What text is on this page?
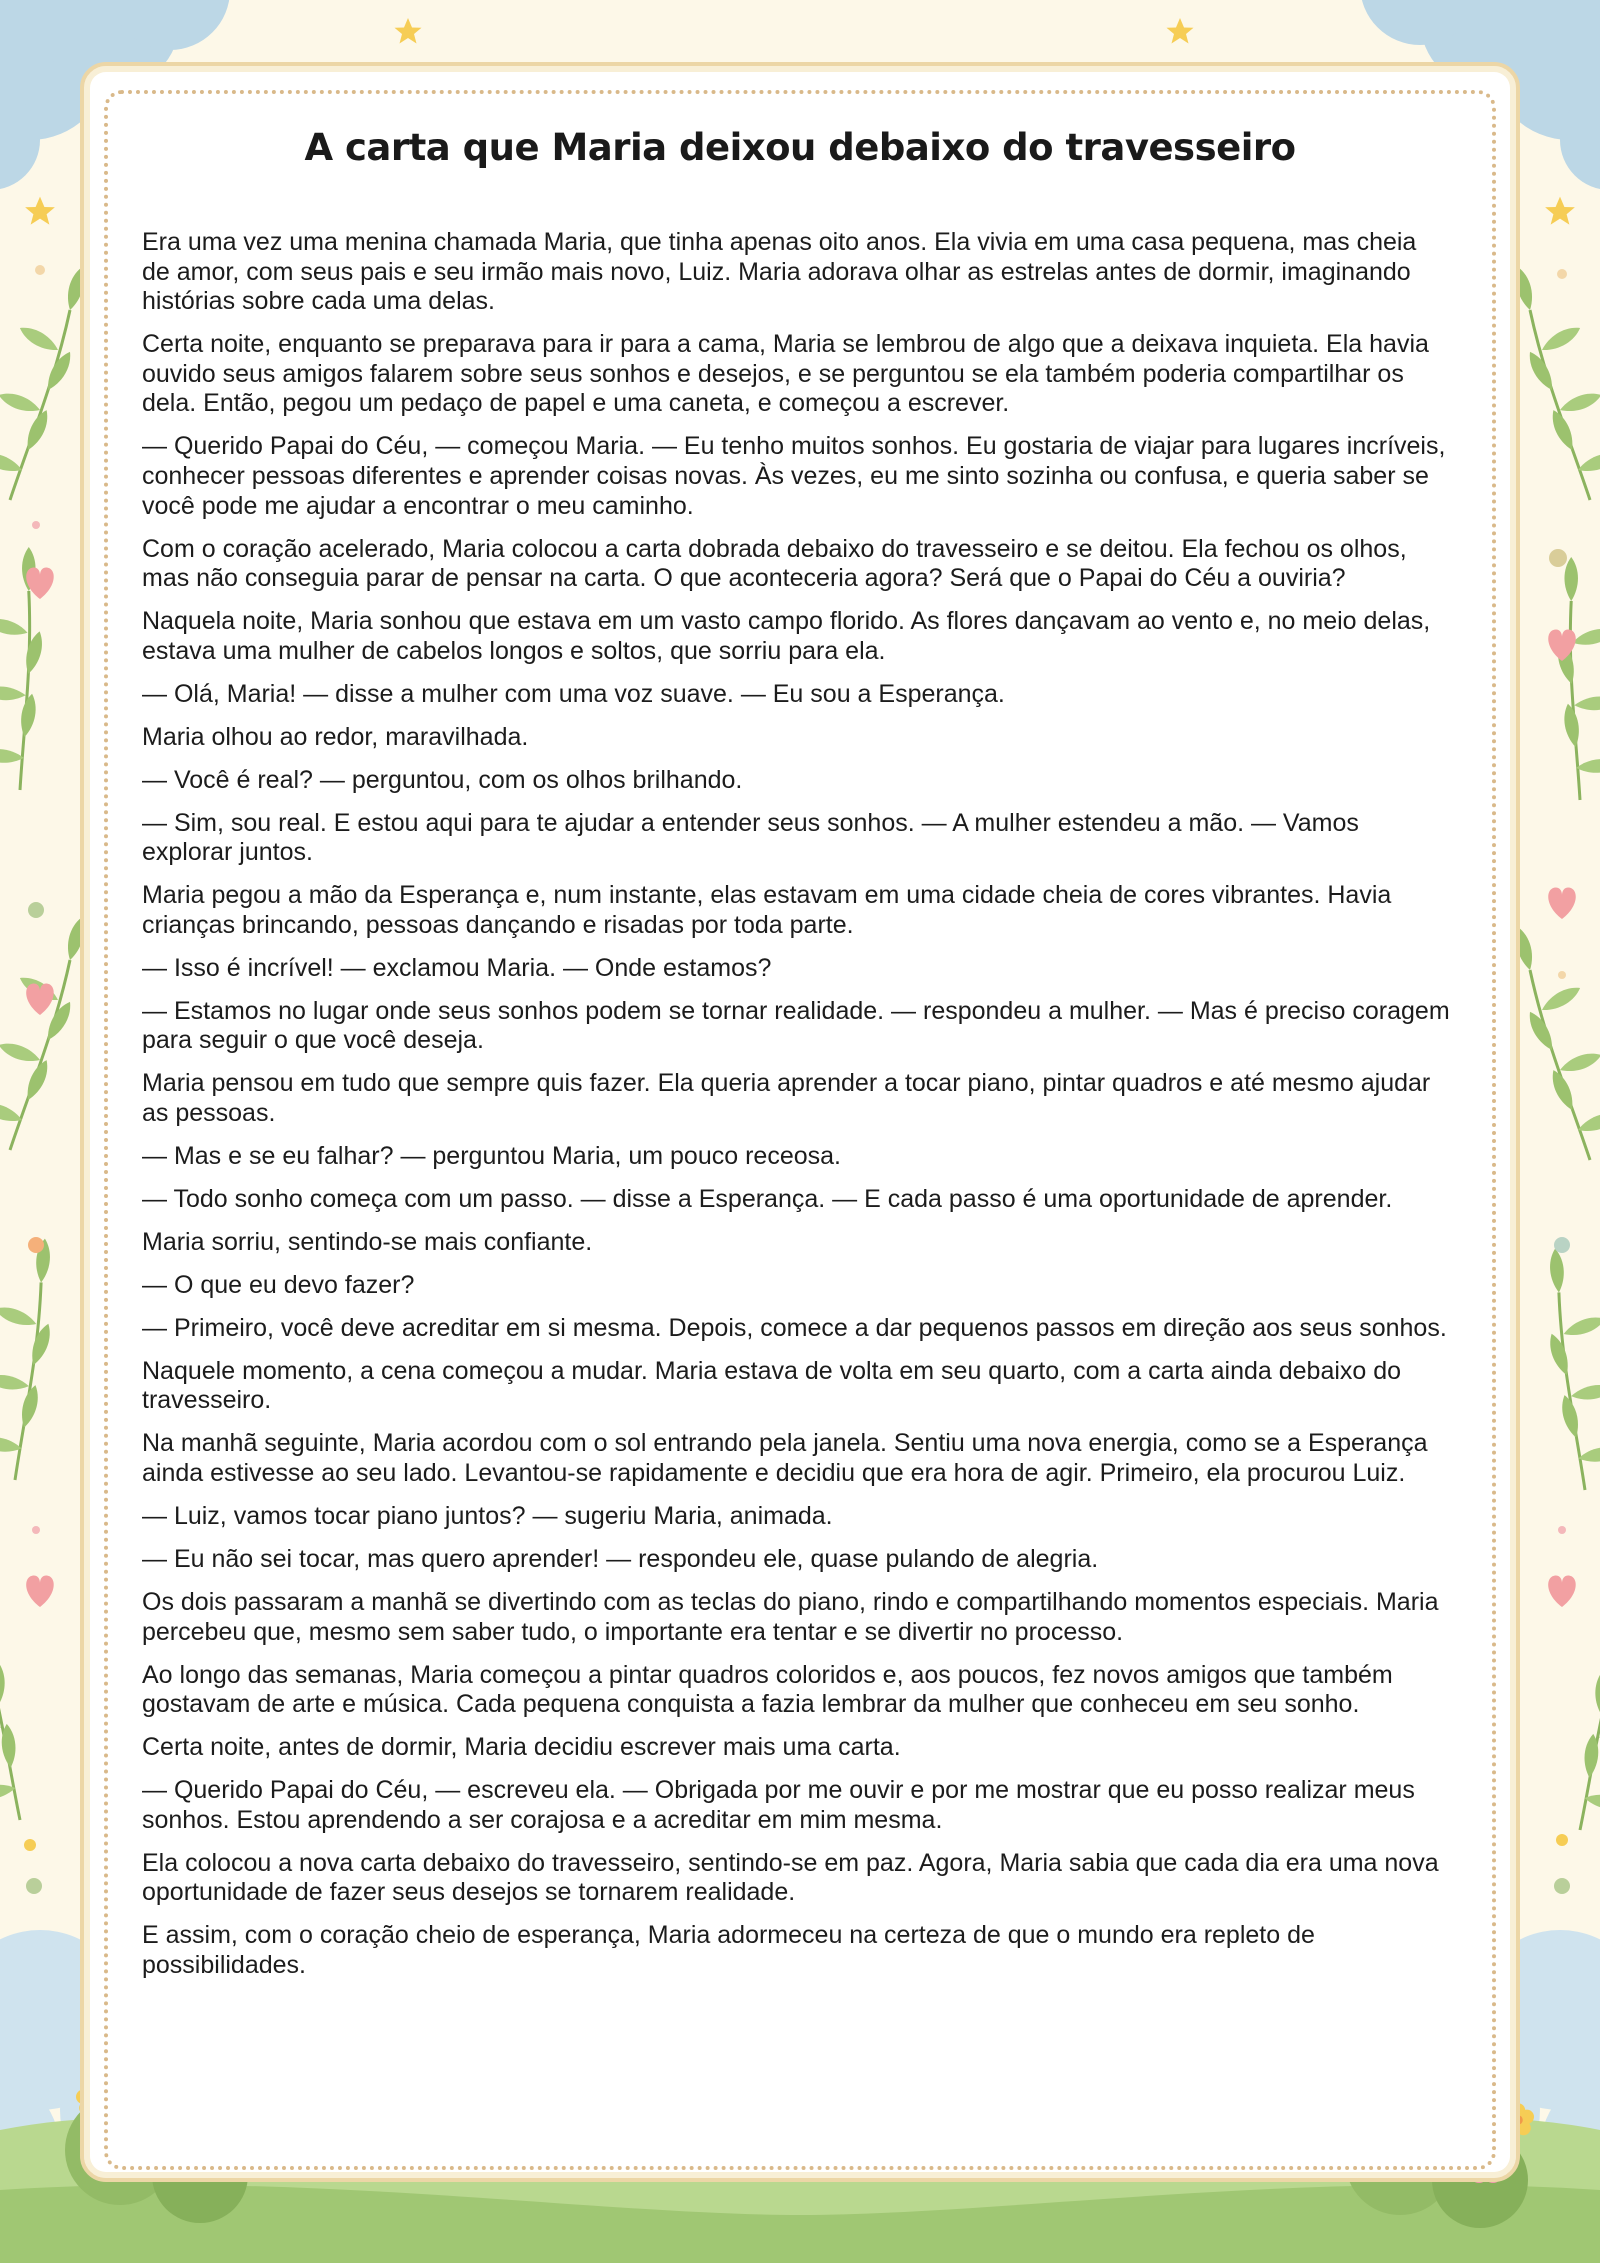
A carta que Maria deixou debaixo do travesseiro

Era uma vez uma menina chamada Maria, que tinha apenas oito anos. Ela vivia em uma casa pequena, mas cheia de amor, com seus pais e seu irmão mais novo, Luiz. Maria adorava olhar as estrelas antes de dormir, imaginando histórias sobre cada uma delas.

Certa noite, enquanto se preparava para ir para a cama, Maria se lembrou de algo que a deixava inquieta. Ela havia ouvido seus amigos falarem sobre seus sonhos e desejos, e se perguntou se ela também poderia compartilhar os dela. Então, pegou um pedaço de papel e uma caneta, e começou a escrever.

— Querido Papai do Céu, — começou Maria. — Eu tenho muitos sonhos. Eu gostaria de viajar para lugares incríveis, conhecer pessoas diferentes e aprender coisas novas. Às vezes, eu me sinto sozinha ou confusa, e queria saber se você pode me ajudar a encontrar o meu caminho.

Com o coração acelerado, Maria colocou a carta dobrada debaixo do travesseiro e se deitou. Ela fechou os olhos, mas não conseguia parar de pensar na carta. O que aconteceria agora? Será que o Papai do Céu a ouviria?

Naquela noite, Maria sonhou que estava em um vasto campo florido. As flores dançavam ao vento e, no meio delas, estava uma mulher de cabelos longos e soltos, que sorriu para ela.

— Olá, Maria! — disse a mulher com uma voz suave. — Eu sou a Esperança.

Maria olhou ao redor, maravilhada.

— Você é real? — perguntou, com os olhos brilhando.

— Sim, sou real. E estou aqui para te ajudar a entender seus sonhos. — A mulher estendeu a mão. — Vamos explorar juntos.

Maria pegou a mão da Esperança e, num instante, elas estavam em uma cidade cheia de cores vibrantes. Havia crianças brincando, pessoas dançando e risadas por toda parte.

— Isso é incrível! — exclamou Maria. — Onde estamos?

— Estamos no lugar onde seus sonhos podem se tornar realidade. — respondeu a mulher. — Mas é preciso coragem para seguir o que você deseja.

Maria pensou em tudo que sempre quis fazer. Ela queria aprender a tocar piano, pintar quadros e até mesmo ajudar as pessoas.

— Mas e se eu falhar? — perguntou Maria, um pouco receosa.

— Todo sonho começa com um passo. — disse a Esperança. — E cada passo é uma oportunidade de aprender.

Maria sorriu, sentindo-se mais confiante.

— O que eu devo fazer?

— Primeiro, você deve acreditar em si mesma. Depois, comece a dar pequenos passos em direção aos seus sonhos.

Naquele momento, a cena começou a mudar. Maria estava de volta em seu quarto, com a carta ainda debaixo do travesseiro.

Na manhã seguinte, Maria acordou com o sol entrando pela janela. Sentiu uma nova energia, como se a Esperança ainda estivesse ao seu lado. Levantou-se rapidamente e decidiu que era hora de agir. Primeiro, ela procurou Luiz.

— Luiz, vamos tocar piano juntos? — sugeriu Maria, animada.

— Eu não sei tocar, mas quero aprender! — respondeu ele, quase pulando de alegria.

Os dois passaram a manhã se divertindo com as teclas do piano, rindo e compartilhando momentos especiais. Maria percebeu que, mesmo sem saber tudo, o importante era tentar e se divertir no processo.

Ao longo das semanas, Maria começou a pintar quadros coloridos e, aos poucos, fez novos amigos que também gostavam de arte e música. Cada pequena conquista a fazia lembrar da mulher que conheceu em seu sonho.

Certa noite, antes de dormir, Maria decidiu escrever mais uma carta.

— Querido Papai do Céu, — escreveu ela. — Obrigada por me ouvir e por me mostrar que eu posso realizar meus sonhos. Estou aprendendo a ser corajosa e a acreditar em mim mesma.

Ela colocou a nova carta debaixo do travesseiro, sentindo-se em paz. Agora, Maria sabia que cada dia era uma nova oportunidade de fazer seus desejos se tornarem realidade.

E assim, com o coração cheio de esperança, Maria adormeceu na certeza de que o mundo era repleto de possibilidades.
